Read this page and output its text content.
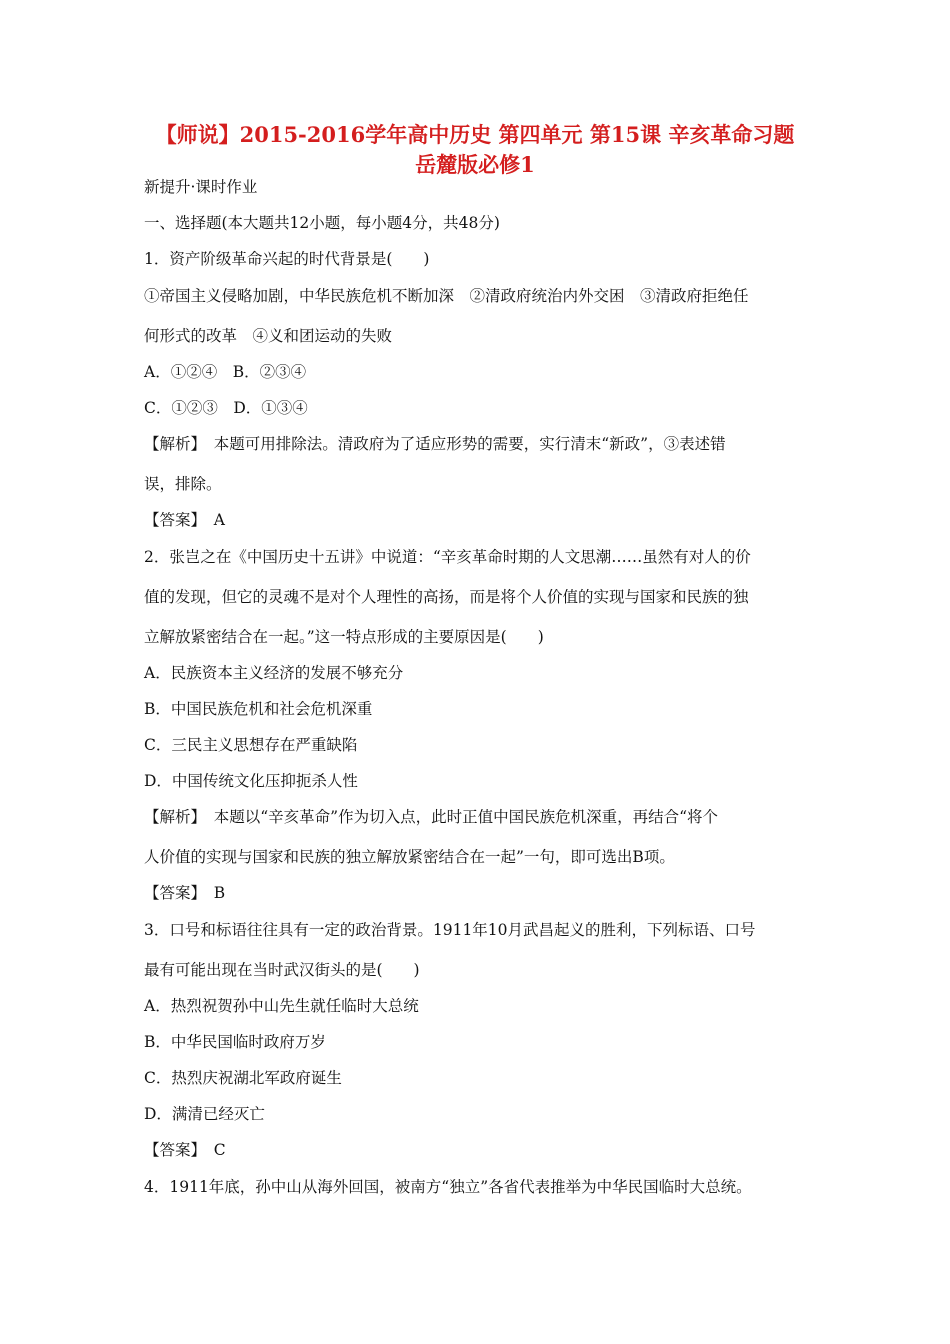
【师说】2015-2016学年高中历史 第四单元 第15课 辛亥革命习题
岳麓版必修1
新提升·课时作业
一、选择题(本大题共12小题，每小题4分，共48分)
1．资产阶级革命兴起的时代背景是(　　)
①帝国主义侵略加剧，中华民族危机不断加深　②清政府统治内外交困　③清政府拒绝任
何形式的改革　④义和团运动的失败
A．①②④　B．②③④
C．①②③　D．①③④
【解析】　本题可用排除法。清政府为了适应形势的需要，实行清末“新政”，③表述错
误，排除。
【答案】　A
2．张岂之在《中国历史十五讲》中说道：“辛亥革命时期的人文思潮……虽然有对人的价
值的发现，但它的灵魂不是对个人理性的高扬，而是将个人价值的实现与国家和民族的独
立解放紧密结合在一起。”这一特点形成的主要原因是(　　)
A．民族资本主义经济的发展不够充分
B．中国民族危机和社会危机深重
C．三民主义思想存在严重缺陷
D．中国传统文化压抑扼杀人性
【解析】　本题以“辛亥革命”作为切入点，此时正值中国民族危机深重，再结合“将个
人价值的实现与国家和民族的独立解放紧密结合在一起”一句，即可选出B项。
【答案】　B
3．口号和标语往往具有一定的政治背景。1911年10月武昌起义的胜利，下列标语、口号
最有可能出现在当时武汉街头的是(　　)
A．热烈祝贺孙中山先生就任临时大总统
B．中华民国临时政府万岁
C．热烈庆祝湖北军政府诞生
D．满清已经灭亡
【答案】　C
4．1911年底，孙中山从海外回国，被南方“独立”各省代表推举为中华民国临时大总统。
